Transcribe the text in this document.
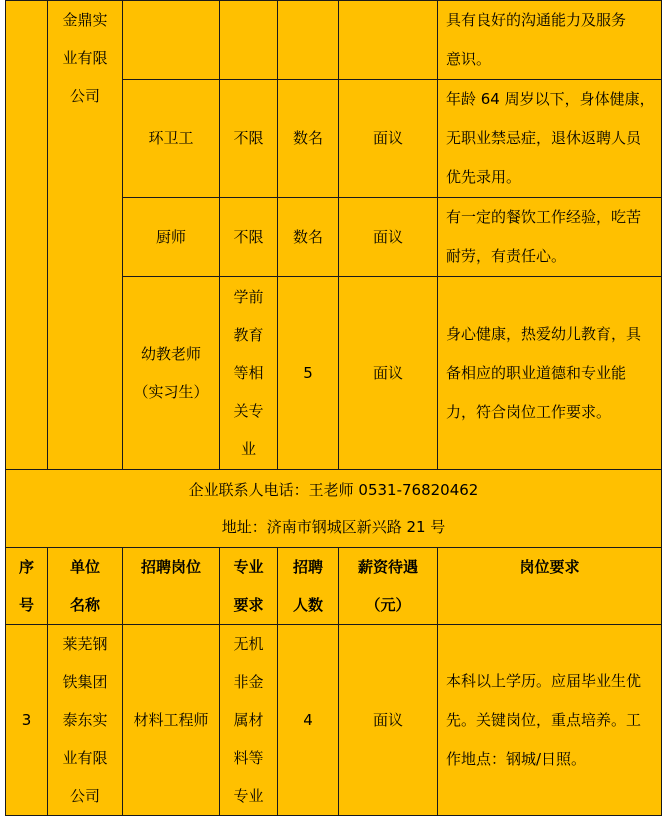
	金鼎实
业有限
公司					具有良好的沟通能力及服务
意识。

		环卫工	不限	数名	面议	年龄 64 周岁以下，身体健康，
无职业禁忌症，退休返聘人员
优先录用。

		厨师	不限	数名	面议	有一定的餐饮工作经验，吃苦
耐劳，有责任心。

		幼教老师
（实习生）	学前
教育
等相
关专
业	5	面议	身心健康，热爱幼儿教育，具
备相应的职业道德和专业能
力，符合岗位工作要求。

企业联系人电话：王老师 0531-76820462
地址：济南市钢城区新兴路 21 号						

序
号	单位
名称	招聘岗位	专业
要求	招聘
人数	薪资待遇
（元）	岗位要求
3	莱芜钢
铁集团
泰东实
业有限
公司	材料工程师	无机
非金
属材
料等
专业	4	面议	本科以上学历。应届毕业生优
先。关键岗位，重点培养。工
作地点：钢城/日照。
